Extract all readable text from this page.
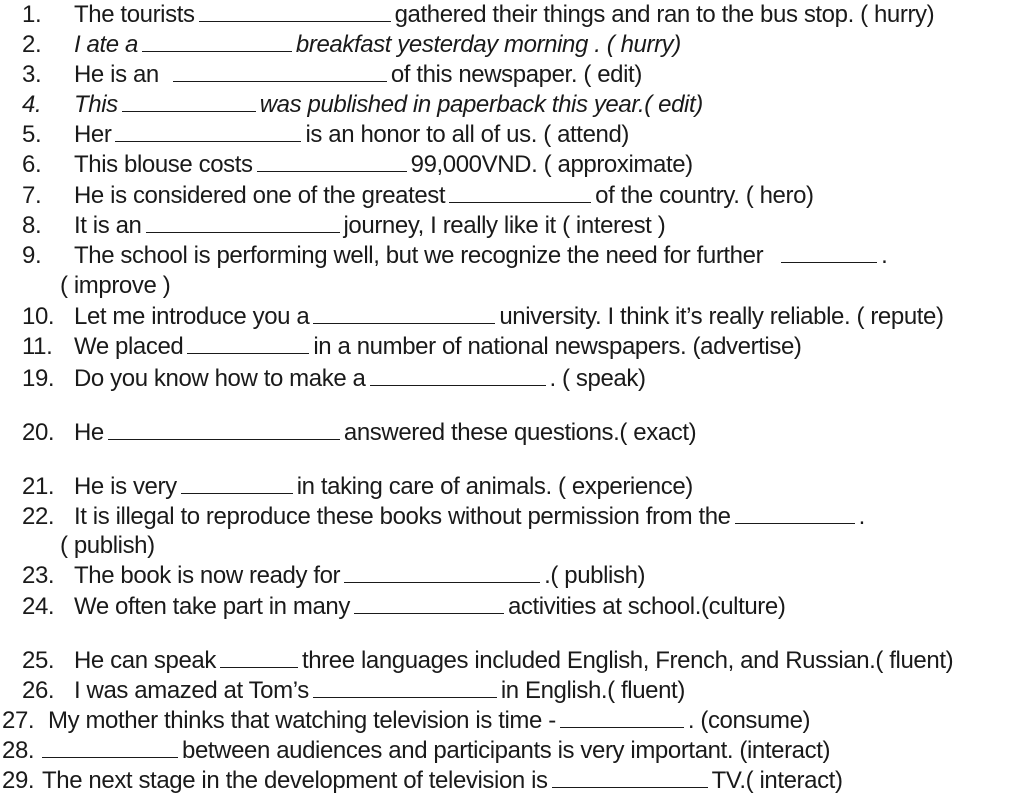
1. The tourists	gathered their things and ran to the bus stop. ( hurry)
2. I ate a	breakfast yesterday morning . ( hurry)
3. He is an	of this newspaper. ( edit)
4. This	was published in paperback this year.( edit)
5. Her	is an honor to all of us. ( attend)
6. This blouse costs	99,000VND. ( approximate)
7. He is considered one of the greatest	of the country. ( hero)
8. It is an	journey, I really like it ( interest )
9. The school is performing well, but we recognize the need for further	.
( improve )
10. Let me introduce you a	university. I think it’s really reliable. ( repute)
11. We placed	in a number of national newspapers. (advertise)
19. Do you know how to make a	. ( speak)
20. He	answered these questions.( exact)
21. He is very	in taking care of animals. ( experience)
22. It is illegal to reproduce these books without permission from the	.
( publish)
23. The book is now ready for	.( publish)
24. We often take part in many	activities at school.(culture)
25. He can speak	three languages included English, French, and Russian.( fluent)
26. I was amazed at Tom’s	in English.( fluent)
27. My mother thinks that watching television is time -	. (consume)
28.	between audiences and participants is very important. (interact)
29. The next stage in the development of television is	TV.( interact)
